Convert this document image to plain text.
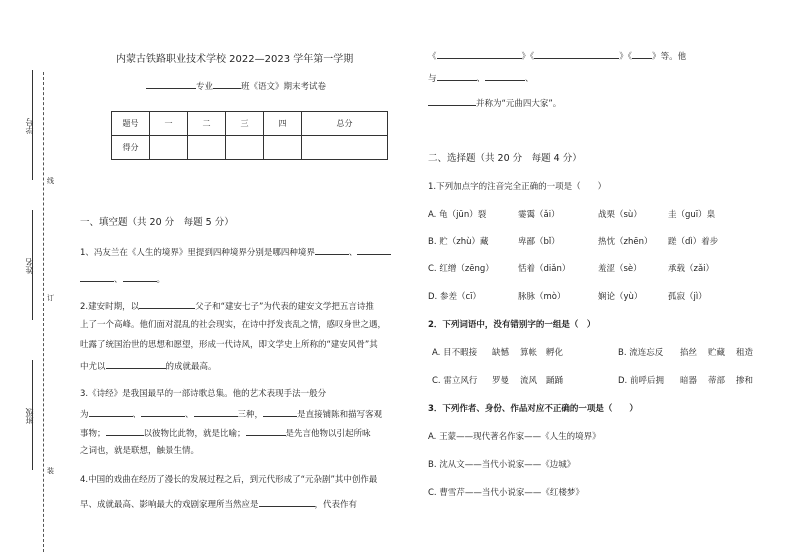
学号
姓名
班级
线
订
装
内蒙古铁路职业技术学校 2022—2023 学年第一学期
专业	班《语文》期末考试卷
题号	一	二	三	四	总分
得分					
一、填空题（共 20 分　每题 5 分）
1、冯友兰在《人生的境界》里提到四种境界分别是哪四种境界	、
、	。
2.建安时期，以	父子和“建安七子”为代表的建安文学把五言诗推
上了一个高峰。他们面对混乱的社会现实，在诗中抒发丧乱之情，感叹身世之遇，
吐露了统国治世的思想和愿望，形成一代诗风，即文学史上所称的“建安风骨”其
中尤以	的成就最高。
3.《诗经》是我国最早的一部诗歌总集。他的艺术表现手法一般分
为	、	、	三种，	是直接铺陈和描写客观
事物；	以彼物比此物，就是比喻；	是先言他物以引起所咏
之词也，就是联想，触景生情。
4.中国的戏曲在经历了漫长的发展过程之后，到元代形成了“元杂剧”其中创作最
早、成就最高、影响最大的戏剧家理所当然应是	，代表作有
《	》《	》《 》等。他
与	、	、
并称为“元曲四大家”。
二、选择题（共 20 分　每题 4 分）
1.下列加点字的注音完全正确的一项是（　　）
A. 龟（jūn）裂	霎霭（ǎi）	战栗（sù）	圭（guī）臬
B. 贮（zhù）藏	卑鄙（bǐ）	热忱（zhēn） 蹉（dì）着步
C. 红缯（zēng）	恬着（diǎn）	羞涩（sè）	承载（zǎi）
D. 参差（cī）	脉脉（mò）	娴论（yù）	孤寂（jì）
2．下列词语中，没有错别字的一组是（　）
A. 目不暇接 缺憾 算帐 孵化	B. 流连忘反 掐丝 贮藏 租造
C. 雷立风行 罗曼 流风 踊踊	D. 前呼后拥 暗器 蒂部 掺和
3．下列作者、身份、作品对应不正确的一项是（　　）
A. 王蒙——现代著名作家——《人生的境界》
B. 沈从文——当代小说家——《边城》
C. 曹雪芹——当代小说家——《红楼梦》
